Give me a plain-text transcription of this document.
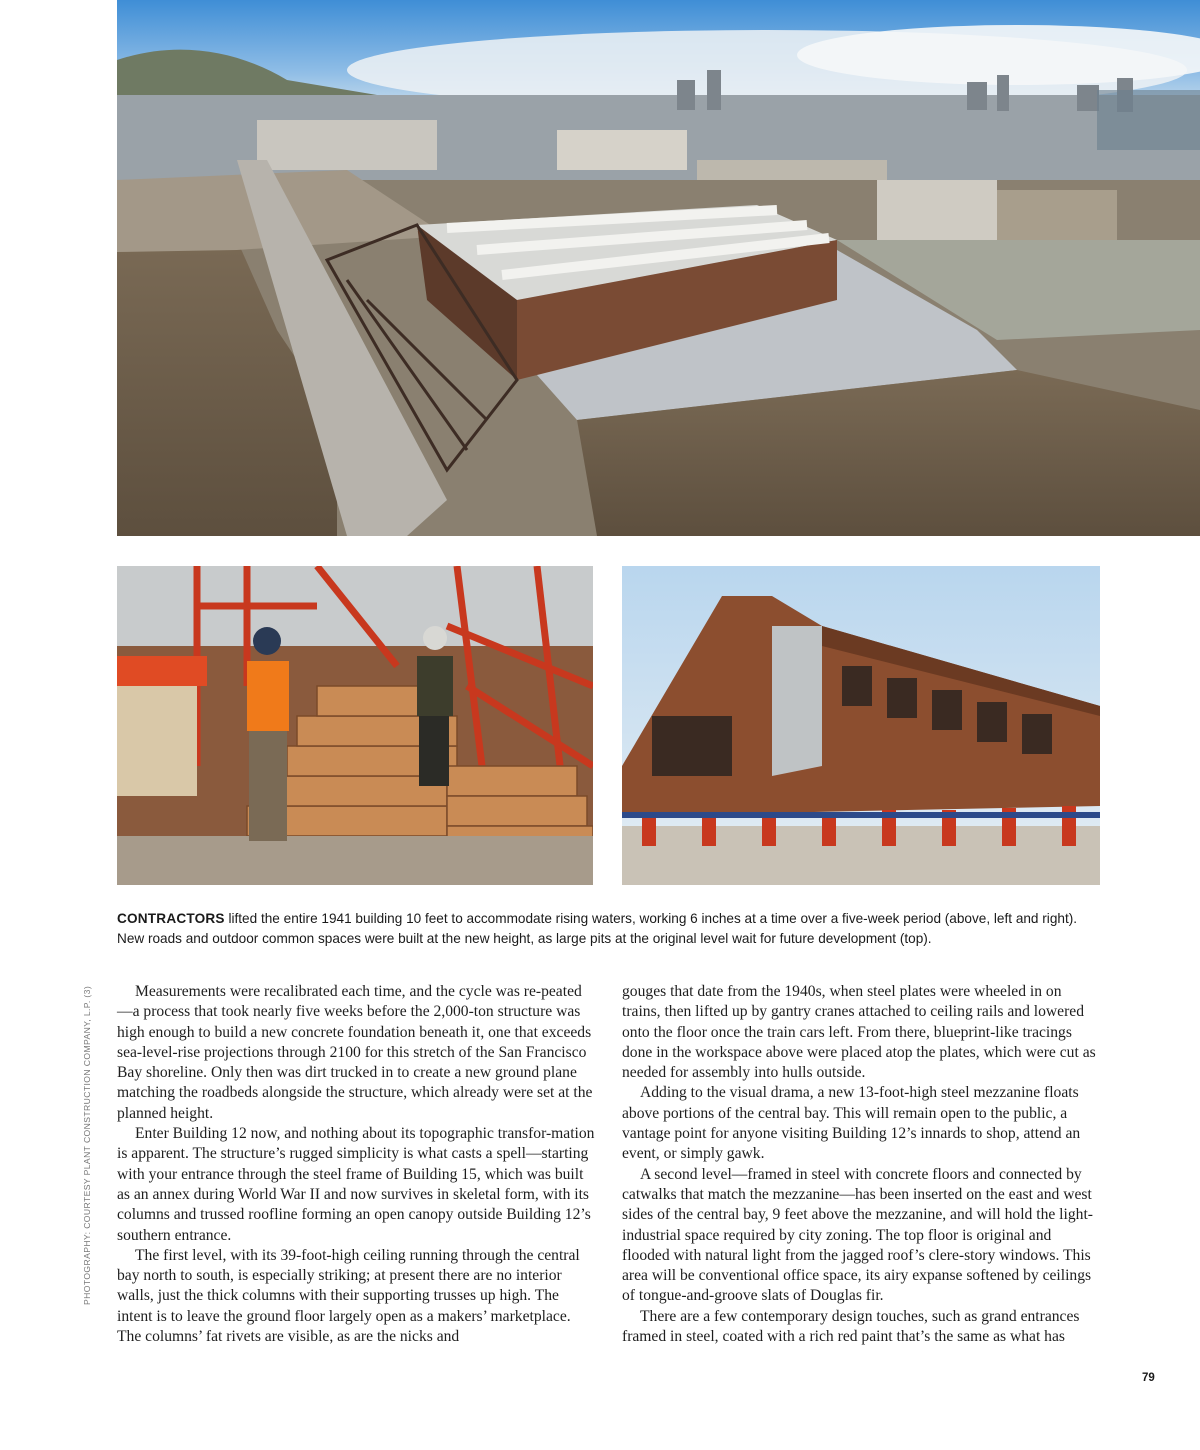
CONTRACTORS lifted the entire 1941 building 10 feet to accommodate rising waters, working 6 inches at a time over a five-week period (above, left and right). New roads and outdoor common spaces were built at the new height, as large pits at the original level wait for future development (top).

Measurements were recalibrated each time, and the cycle was re-peated—a process that took nearly five weeks before the 2,000-ton structure was high enough to build a new concrete foundation beneath it, one that exceeds sea-level-rise projections through 2100 for this stretch of the San Francisco Bay shoreline. Only then was dirt trucked in to create a new ground plane matching the roadbeds alongside the structure, which already were set at the planned height.

Enter Building 12 now, and nothing about its topographic transfor-mation is apparent. The structure’s rugged simplicity is what casts a spell—starting with your entrance through the steel frame of Building 15, which was built as an annex during World War II and now survives in skeletal form, with its columns and trussed roofline forming an open canopy outside Building 12’s southern entrance.

The first level, with its 39-foot-high ceiling running through the central bay north to south, is especially striking; at present there are no interior walls, just the thick columns with their supporting trusses up high. The intent is to leave the ground floor largely open as a makers’ marketplace. The columns’ fat rivets are visible, as are the nicks and

gouges that date from the 1940s, when steel plates were wheeled in on trains, then lifted up by gantry cranes attached to ceiling rails and lowered onto the floor once the train cars left. From there, blueprint-like tracings done in the workspace above were placed atop the plates, which were cut as needed for assembly into hulls outside.

Adding to the visual drama, a new 13-foot-high steel mezzanine floats above portions of the central bay. This will remain open to the public, a vantage point for anyone visiting Building 12’s innards to shop, attend an event, or simply gawk.

A second level—framed in steel with concrete floors and connected by catwalks that match the mezzanine—has been inserted on the east and west sides of the central bay, 9 feet above the mezzanine, and will hold the light-industrial space required by city zoning. The top floor is original and flooded with natural light from the jagged roof’s clere-story windows. This area will be conventional office space, its airy expanse softened by ceilings of tongue-and-groove slats of Douglas fir.

There are a few contemporary design touches, such as grand entrances framed in steel, coated with a rich red paint that’s the same as what has

PHOTOGRAPHY: COURTESY PLANT CONSTRUCTION COMPANY, L.P. (3)
79
